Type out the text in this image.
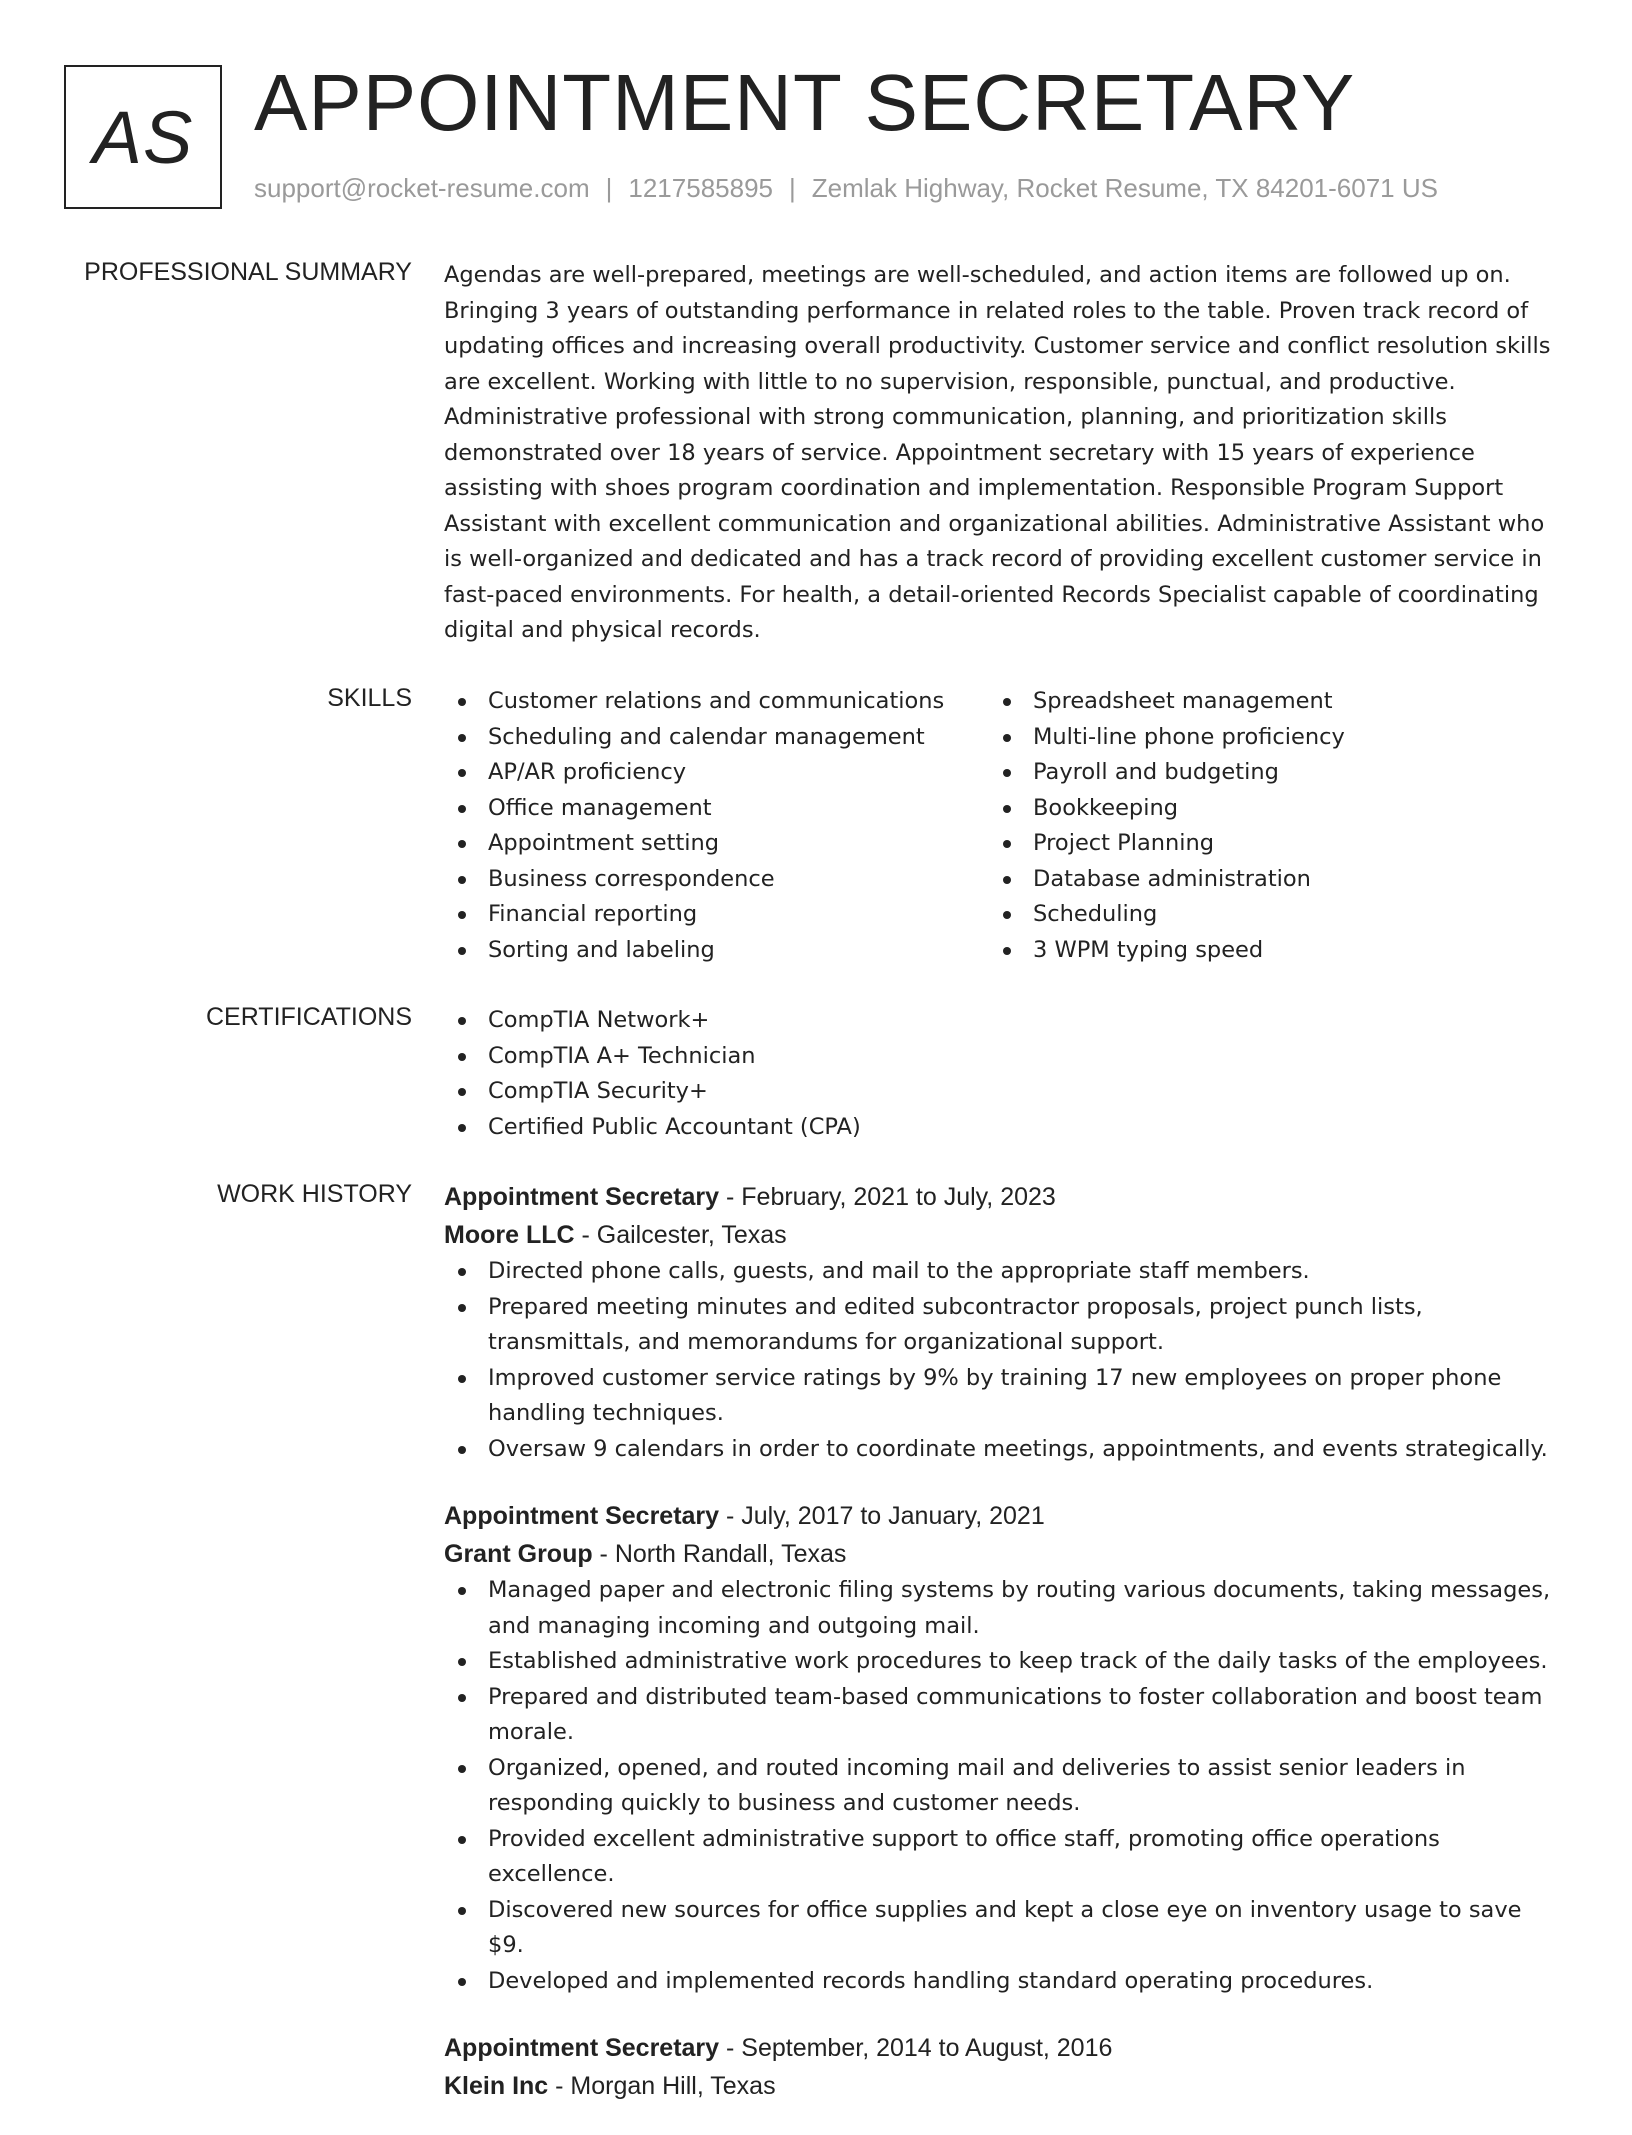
AS APPOINTMENT SECRETARY
support@rocket-resume.com | 1217585895 | Zemlak Highway, Rocket Resume, TX 84201-6071 US
PROFESSIONAL SUMMARY Agendas are well-prepared, meetings are well-scheduled, and action items are followed up on. Bringing 3 years of outstanding performance in related roles to the table. Proven track record of updating offices and increasing overall productivity. Customer service and conflict resolution skills are excellent. Working with little to no supervision, responsible, punctual, and productive. Administrative professional with strong communication, planning, and prioritization skills demonstrated over 18 years of service. Appointment secretary with 15 years of experience assisting with shoes program coordination and implementation. Responsible Program Support Assistant with excellent communication and organizational abilities. Administrative Assistant who is well-organized and dedicated and has a track record of providing excellent customer service in fast-paced environments. For health, a detail-oriented Records Specialist capable of coordinating digital and physical records.

SKILLS	Customer relations and communications
Scheduling and calendar management
AP/AR proficiency
Office management
Appointment setting
Business correspondence
Financial reporting
Sorting and labeling
Spreadsheet management
Multi-line phone proficiency
Payroll and budgeting
Bookkeeping
Project Planning
Database administration
Scheduling
3 WPM typing speed
CERTIFICATIONS	CompTIA Network+
CompTIA A+ Technician
CompTIA Security+
Certified Public Accountant (CPA)
WORK HISTORY Appointment Secretary - February, 2021 to July, 2023
Moore LLC - Gailcester, Texas
Directed phone calls, guests, and mail to the appropriate staff members.
Prepared meeting minutes and edited subcontractor proposals, project punch lists, transmittals, and memorandums for organizational support.
Improved customer service ratings by 9% by training 17 new employees on proper phone handling techniques.
Oversaw 9 calendars in order to coordinate meetings, appointments, and events strategically.
Appointment Secretary - July, 2017 to January, 2021
Grant Group - North Randall, Texas
Managed paper and electronic filing systems by routing various documents, taking messages, and managing incoming and outgoing mail.
Established administrative work procedures to keep track of the daily tasks of the employees.
Prepared and distributed team-based communications to foster collaboration and boost team morale.
Organized, opened, and routed incoming mail and deliveries to assist senior leaders in responding quickly to business and customer needs.
Provided excellent administrative support to office staff, promoting office operations excellence.
Discovered new sources for office supplies and kept a close eye on inventory usage to save $9.
Developed and implemented records handling standard operating procedures.
Appointment Secretary - September, 2014 to August, 2016
Klein Inc - Morgan Hill, Texas
